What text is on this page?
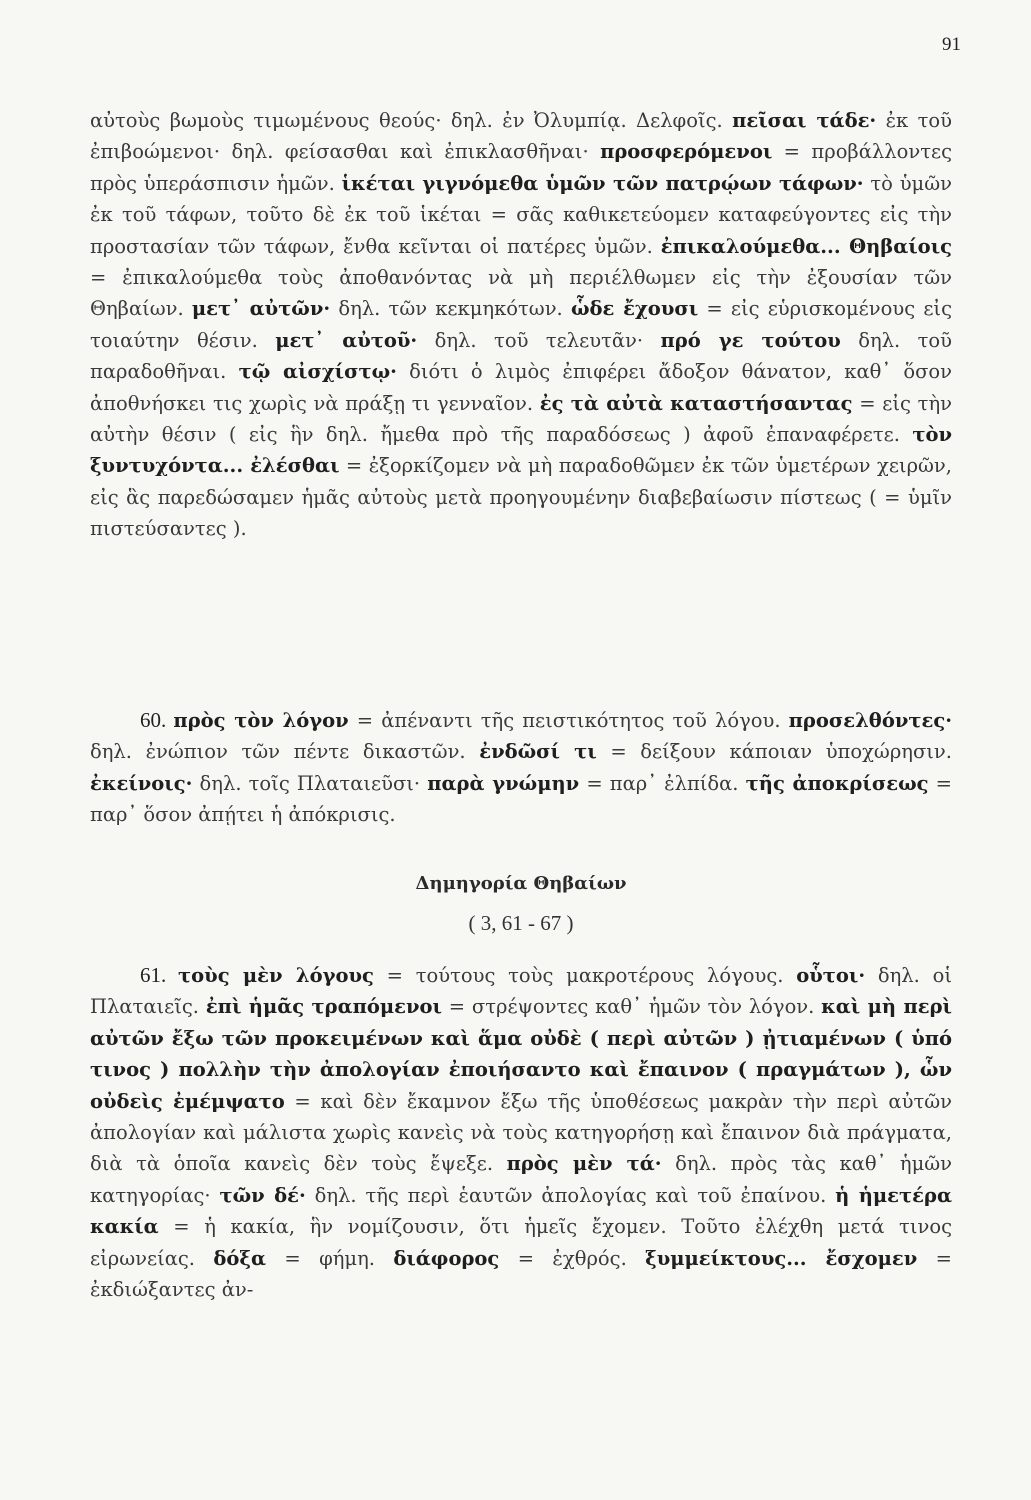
91

αὐτοὺς βωμοὺς τιμωμένους θεούς· δηλ. ἐν Ὀλυμπίᾳ. Δελφοῖς. πεῖσαι τάδε· ἐκ τοῦ ἐπιβοώμενοι· δηλ. φείσασθαι καὶ ἐπικλασθῆναι· προσφερόμενοι = προβάλλοντες πρὸς ὑπεράσπισιν ἡμῶν. ἱκέται γιγνόμεθα ὑμῶν τῶν πατρῴων τάφων· τὸ ὑμῶν ἐκ τοῦ τάφων, τοῦτο δὲ ἐκ τοῦ ἱκέται = σᾶς καθικετεύομεν καταφεύγοντες εἰς τὴν προστασίαν τῶν τάφων, ἔνθα κεῖνται οἱ πατέρες ὑμῶν. ἐπικαλούμεθα... Θηβαίοις = ἐπικαλούμεθα τοὺς ἀποθανόντας νὰ μὴ περιέλθωμεν εἰς τὴν ἐξουσίαν τῶν Θηβαίων. μετ᾽ αὐτῶν· δηλ. τῶν κεκμηκότων. ὧδε ἔχουσι = εἰς εὑρισκομένους εἰς τοιαύτην θέσιν. μετ᾽ αὐτοῦ· δηλ. τοῦ τελευτᾶν· πρό γε τούτου δηλ. τοῦ παραδοθῆναι. τῷ αἰσχίστῳ· διότι ὁ λιμὸς ἐπιφέρει ἄδοξον θάνατον, καθ᾽ ὅσον ἀποθνήσκει τις χωρὶς νὰ πράξῃ τι γενναῖον. ἐς τὰ αὐτὰ καταστήσαντας = εἰς τὴν αὐτὴν θέσιν ( εἰς ἣν δηλ. ἤμεθα πρὸ τῆς παραδόσεως ) ἀφοῦ ἐπαναφέρετε. τὸν ξυντυχόντα... ἐλέσθαι = ἐξορκίζομεν νὰ μὴ παραδοθῶμεν ἐκ τῶν ὑμετέρων χειρῶν, εἰς ἃς παρεδώσαμεν ἡμᾶς αὐτοὺς μετὰ προηγουμένην διαβεβαίωσιν πίστεως ( = ὑμῖν πιστεύσαντες ).

60. πρὸς τὸν λόγον = ἀπέναντι τῆς πειστικότητος τοῦ λόγου. προσελθόντες· δηλ. ἐνώπιον τῶν πέντε δικαστῶν. ἐνδῶσί τι = δείξουν κάποιαν ὑποχώρησιν. ἐκείνοις· δηλ. τοῖς Πλαταιεῦσι· παρὰ γνώμην = παρ᾽ ἐλπίδα. τῆς ἀποκρίσεως = παρ᾽ ὅσον ἀπῄτει ἡ ἀπόκρισις.

Δημηγορία Θηβαίων
( 3, 61 - 67 )

61. τοὺς μὲν λόγους = τούτους τοὺς μακροτέρους λόγους. οὗτοι· δηλ. οἱ Πλαταιεῖς. ἐπὶ ἡμᾶς τραπόμενοι = στρέψοντες καθ᾽ ἡμῶν τὸν λόγον. καὶ μὴ περὶ αὐτῶν ἔξω τῶν προκειμένων καὶ ἅμα οὐδὲ ( περὶ αὐτῶν ) ᾐτιαμένων ( ὑπό τινος ) πολλὴν τὴν ἀπολογίαν ἐποιήσαντο καὶ ἔπαινον ( πραγμάτων ), ὧν οὐδεὶς ἐμέμψατο = καὶ δὲν ἔκαμνον ἔξω τῆς ὑποθέσεως μακρὰν τὴν περὶ αὐτῶν ἀπολογίαν καὶ μάλιστα χωρὶς κανεὶς νὰ τοὺς κατηγορήσῃ καὶ ἔπαινον διὰ πράγματα, διὰ τὰ ὁποῖα κανεὶς δὲν τοὺς ἔψεξε. πρὸς μὲν τά· δηλ. πρὸς τὰς καθ᾽ ἡμῶν κατηγορίας· τῶν δέ· δηλ. τῆς περὶ ἑαυτῶν ἀπολογίας καὶ τοῦ ἐπαίνου. ἡ ἡμετέρα κακία = ἡ κακία, ἣν νομίζουσιν, ὅτι ἡμεῖς ἔχομεν. Τοῦτο ἐλέχθη μετά τινος εἰρωνείας. δόξα = φήμη. διάφορος = ἐχθρός. ξυμμείκτους... ἔσχομεν = ἐκδιώξαντες ἀν-
